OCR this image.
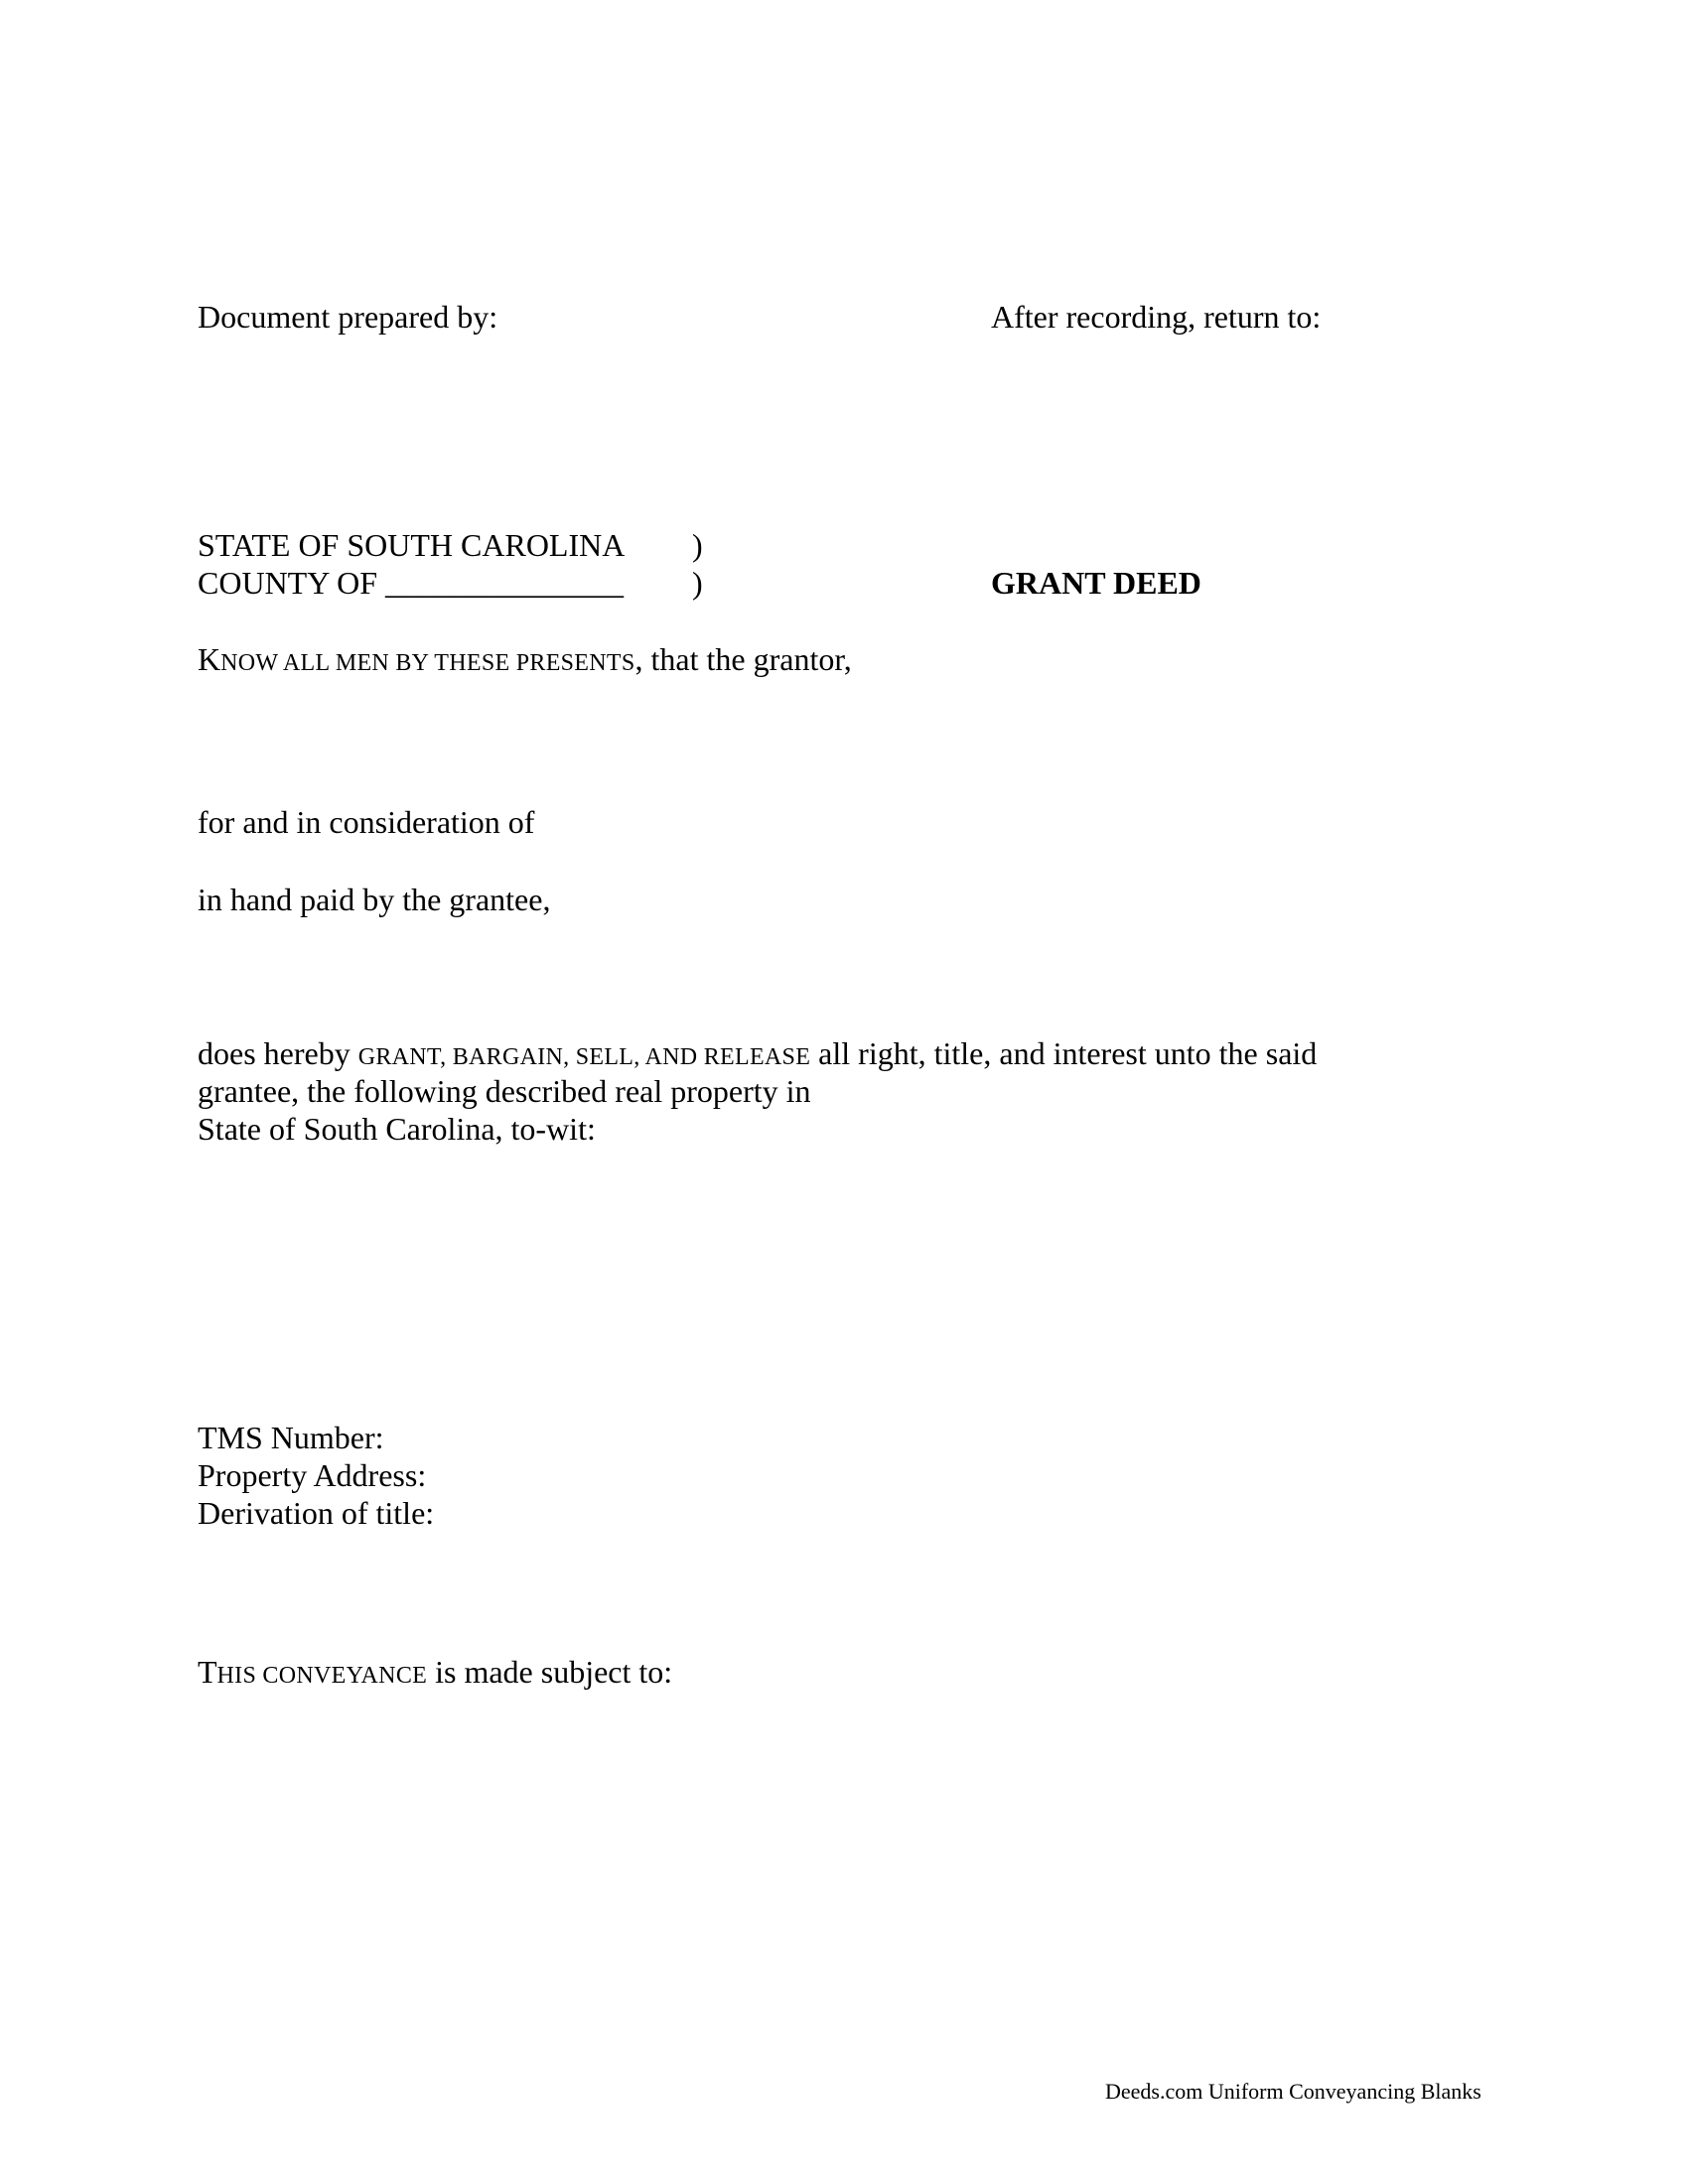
Document prepared by:	After recording, return to:
STATE OF SOUTH CAROLINA )
COUNTY OF _______________ )	GRANT DEED
KNOW ALL MEN BY THESE PRESENTS, that the grantor,
for and in consideration of
in hand paid by the grantee,
does hereby GRANT, BARGAIN, SELL, AND RELEASE all right, title, and interest unto the said
grantee, the following described real property in
State of South Carolina, to-wit:
TMS Number:
Property Address:
Derivation of title:
THIS CONVEYANCE is made subject to:
Deeds.com Uniform Conveyancing Blanks
